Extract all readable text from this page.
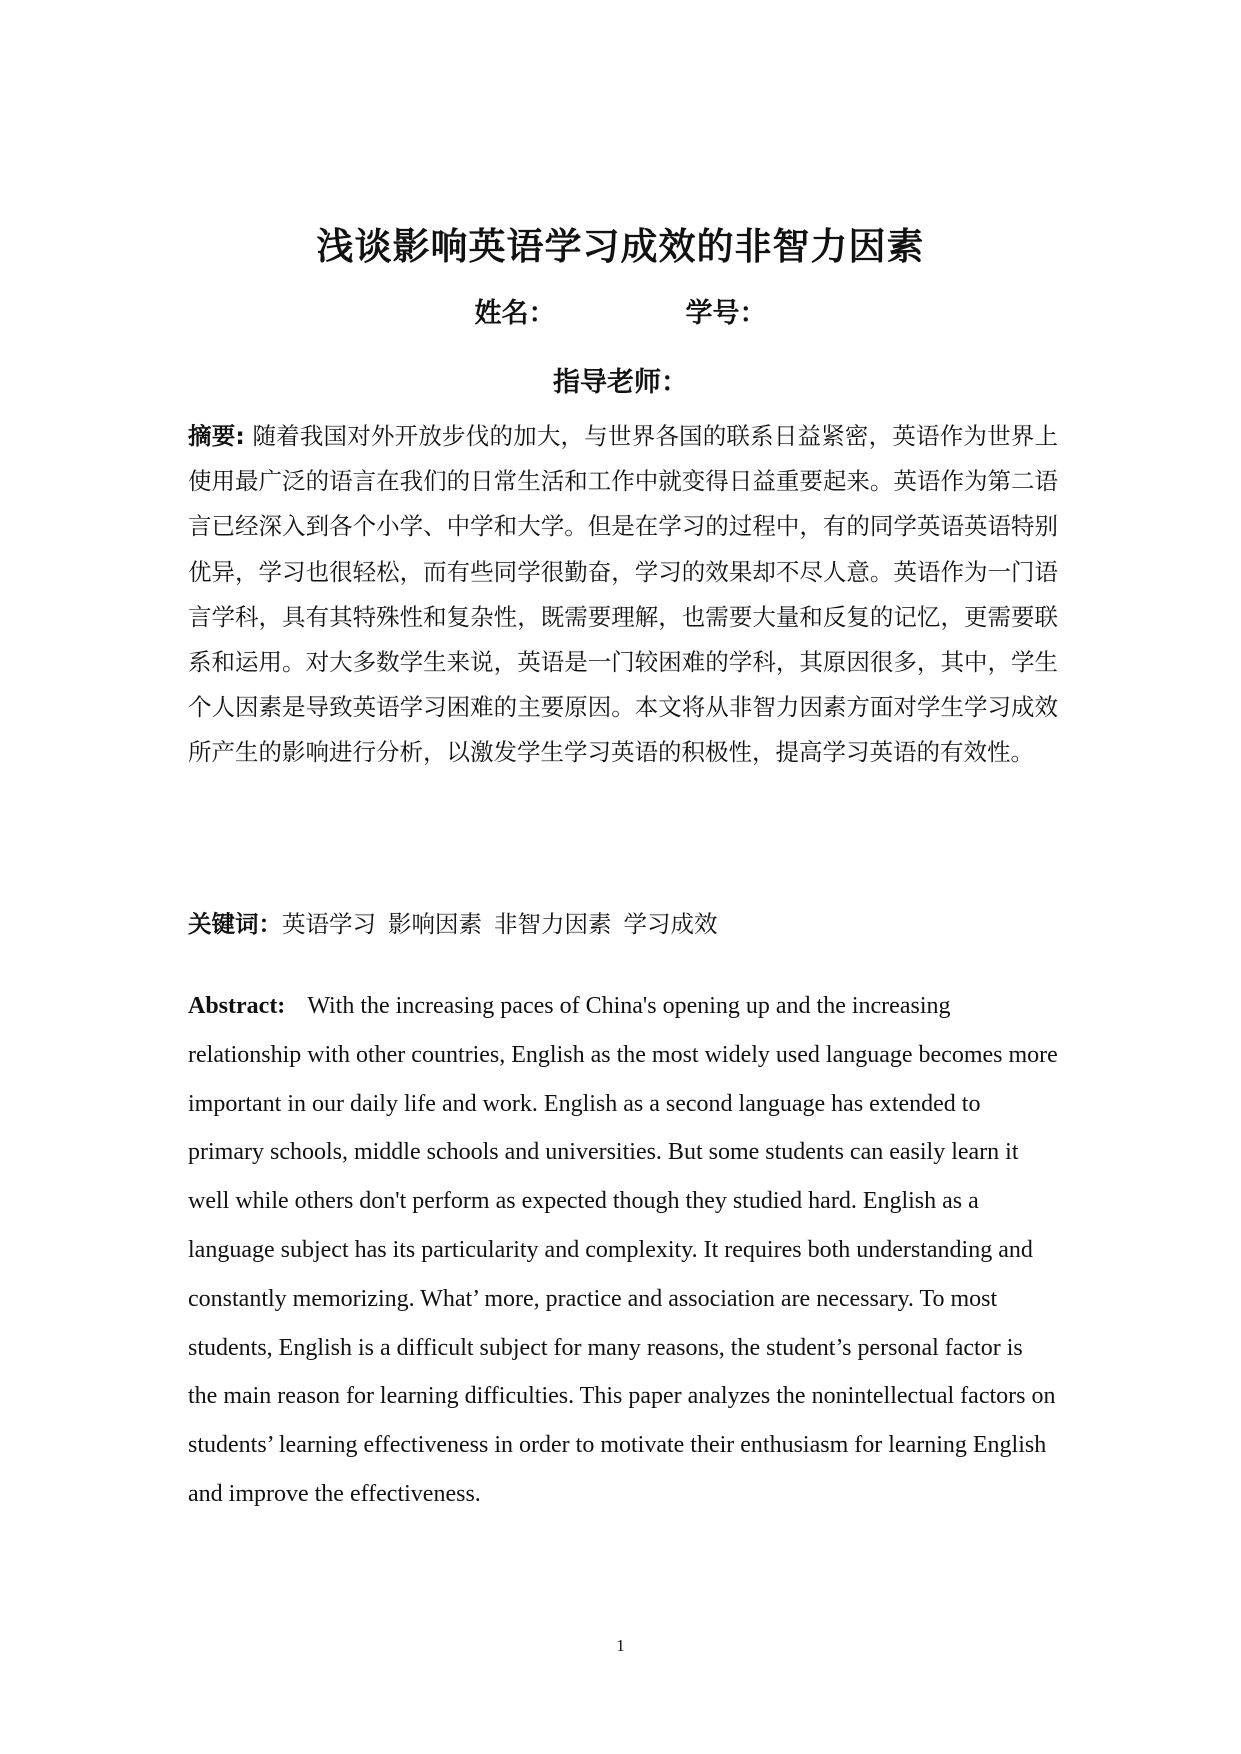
浅谈影响英语学习成效的非智力因素
姓名：	学号：
指导老师：
摘要: 随着我国对外开放步伐的加大，与世界各国的联系日益紧密，英语作为世界上使用最广泛的语言在我们的日常生活和工作中就变得日益重要起来。英语作为第二语言已经深入到各个小学、中学和大学。但是在学习的过程中，有的同学英语英语特别优异，学习也很轻松，而有些同学很勤奋，学习的效果却不尽人意。英语作为一门语言学科，具有其特殊性和复杂性，既需要理解，也需要大量和反复的记忆，更需要联系和运用。对大多数学生来说，英语是一门较困难的学科，其原因很多，其中，学生个人因素是导致英语学习困难的主要原因。本文将从非智力因素方面对学生学习成效所产生的影响进行分析，以激发学生学习英语的积极性，提高学习英语的有效性。
关键词：英语学习 影响因素 非智力因素 学习成效
Abstract: With the increasing paces of China's opening up and the increasing relationship with other countries, English as the most widely used language becomes more important in our daily life and work. English as a second language has extended to primary schools, middle schools and universities. But some students can easily learn it well while others don't perform as expected though they studied hard. English as a language subject has its particularity and complexity. It requires both understanding and constantly memorizing. What’ more, practice and association are necessary. To most students, English is a difficult subject for many reasons, the student’s personal factor is the main reason for learning difficulties. This paper analyzes the nonintellectual factors on students’ learning effectiveness in order to motivate their enthusiasm for learning English and improve the effectiveness.
1
